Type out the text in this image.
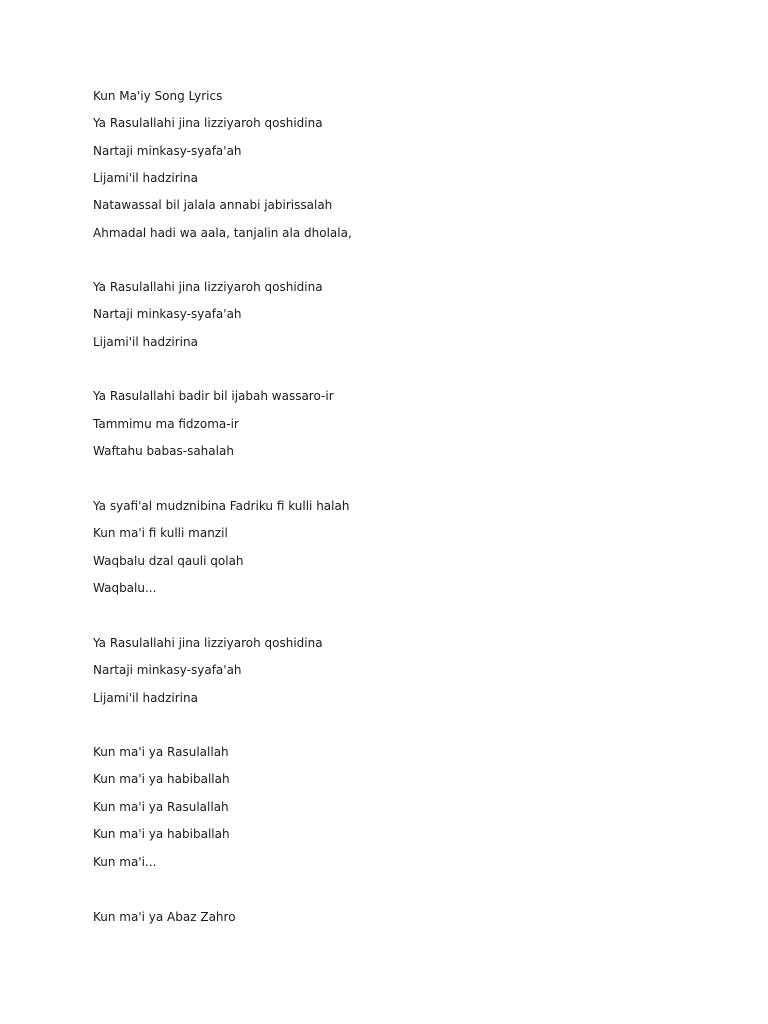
Kun Ma'iy Song Lyrics
Ya Rasulallahi jina lizziyaroh qoshidina
Nartaji minkasy-syafa'ah
Lijami'il hadzirina
Natawassal bil jalala annabi jabirissalah
Ahmadal hadi wa aala, tanjalin ala dholala,
Ya Rasulallahi jina lizziyaroh qoshidina
Nartaji minkasy-syafa'ah
Lijami'il hadzirina
Ya Rasulallahi badir bil ijabah wassaro-ir
Tammimu ma fidzoma-ir
Waftahu babas-sahalah
Ya syafi'al mudznibina Fadriku fi kulli halah
Kun ma'i fi kulli manzil
Waqbalu dzal qauli qolah
Waqbalu...
Ya Rasulallahi jina lizziyaroh qoshidina
Nartaji minkasy-syafa'ah
Lijami'il hadzirina
Kun ma'i ya Rasulallah
Kun ma'i ya habiballah
Kun ma'i ya Rasulallah
Kun ma'i ya habiballah
Kun ma'i...
Kun ma'i ya Abaz Zahro
